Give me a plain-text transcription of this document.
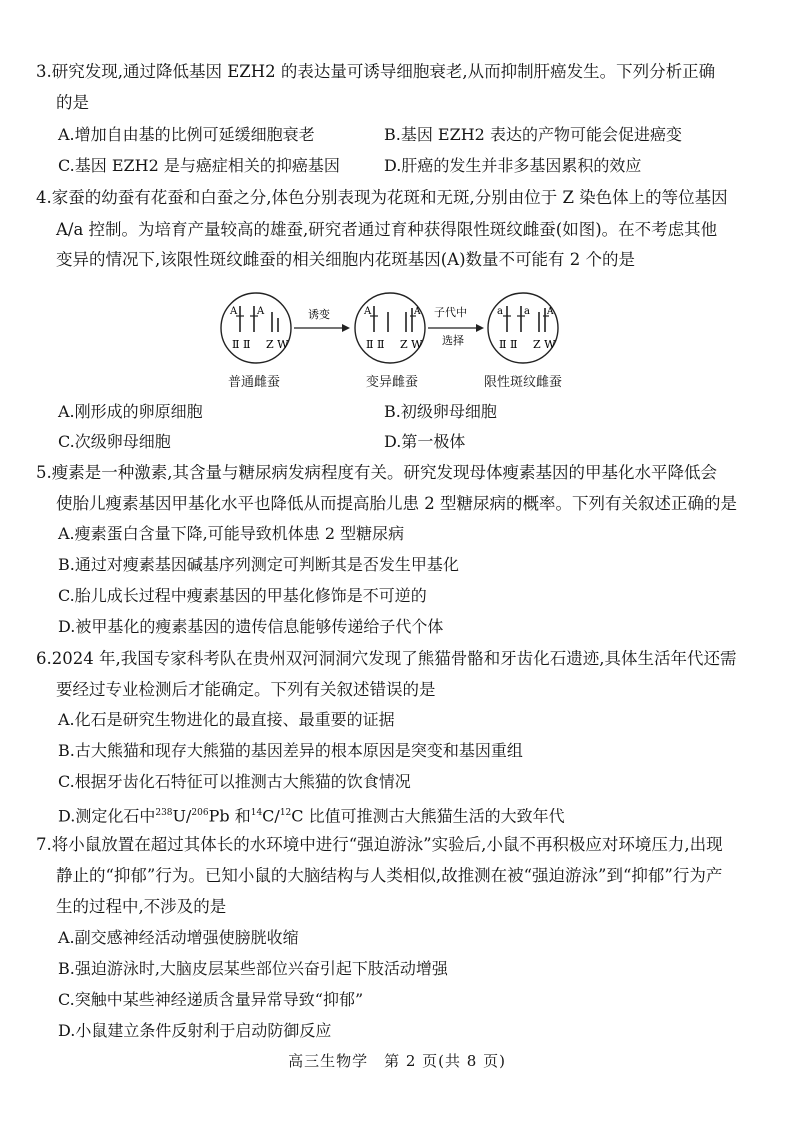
3.研究发现,通过降低基因 EZH2 的表达量可诱导细胞衰老,从而抑制肝癌发生。下列分析正确
的是
A.增加自由基的比例可延缓细胞衰老	B.基因 EZH2 表达的产物可能会促进癌变
C.基因 EZH2 是与癌症相关的抑癌基因	D.肝癌的发生并非多基因累积的效应
4.家蚕的幼蚕有花蚕和白蚕之分,体色分别表现为花斑和无斑,分别由位于 Z 染色体上的等位基因
A/a 控制。为培育产量较高的雄蚕,研究者通过育种获得限性斑纹雌蚕(如图)。在不考虑其他
变异的情况下,该限性斑纹雌蚕的相关细胞内花斑基因(A)数量不可能有 2 个的是
A A
Ⅱ Ⅱ Z W
诱变	A	A
Ⅱ Ⅱ Z W
子代中
选择
a a A
Ⅱ Ⅱ Z W
普通雌蚕	变异雌蚕	限性斑纹雌蚕
A.刚形成的卵原细胞	B.初级卵母细胞
C.次级卵母细胞	D.第一极体
5.瘦素是一种激素,其含量与糖尿病发病程度有关。研究发现母体瘦素基因的甲基化水平降低会
使胎儿瘦素基因甲基化水平也降低从而提高胎儿患 2 型糖尿病的概率。下列有关叙述正确的是
A.瘦素蛋白含量下降,可能导致机体患 2 型糖尿病
B.通过对瘦素基因碱基序列测定可判断其是否发生甲基化
C.胎儿成长过程中瘦素基因的甲基化修饰是不可逆的
D.被甲基化的瘦素基因的遗传信息能够传递给子代个体
6.2024 年,我国专家科考队在贵州双河洞洞穴发现了熊猫骨骼和牙齿化石遗迹,具体生活年代还需
要经过专业检测后才能确定。下列有关叙述错误的是
A.化石是研究生物进化的最直接、最重要的证据
B.古大熊猫和现存大熊猫的基因差异的根本原因是突变和基因重组
C.根据牙齿化石特征可以推测古大熊猫的饮食情况
D.测定化石中$^{238}$U/$^{206}$Pb 和$^{14}$C/$^{12}$C 比值可推测古大熊猫生活的大致年代
7.将小鼠放置在超过其体长的水环境中进行“强迫游泳”实验后,小鼠不再积极应对环境压力,出现
静止的“抑郁”行为。已知小鼠的大脑结构与人类相似,故推测在被“强迫游泳”到“抑郁”行为产
生的过程中,不涉及的是
A.副交感神经活动增强使膀胱收缩
B.强迫游泳时,大脑皮层某些部位兴奋引起下肢活动增强
C.突触中某些神经递质含量异常导致“抑郁”
D.小鼠建立条件反射利于启动防御反应
高三生物学　第 2 页(共 8 页)
